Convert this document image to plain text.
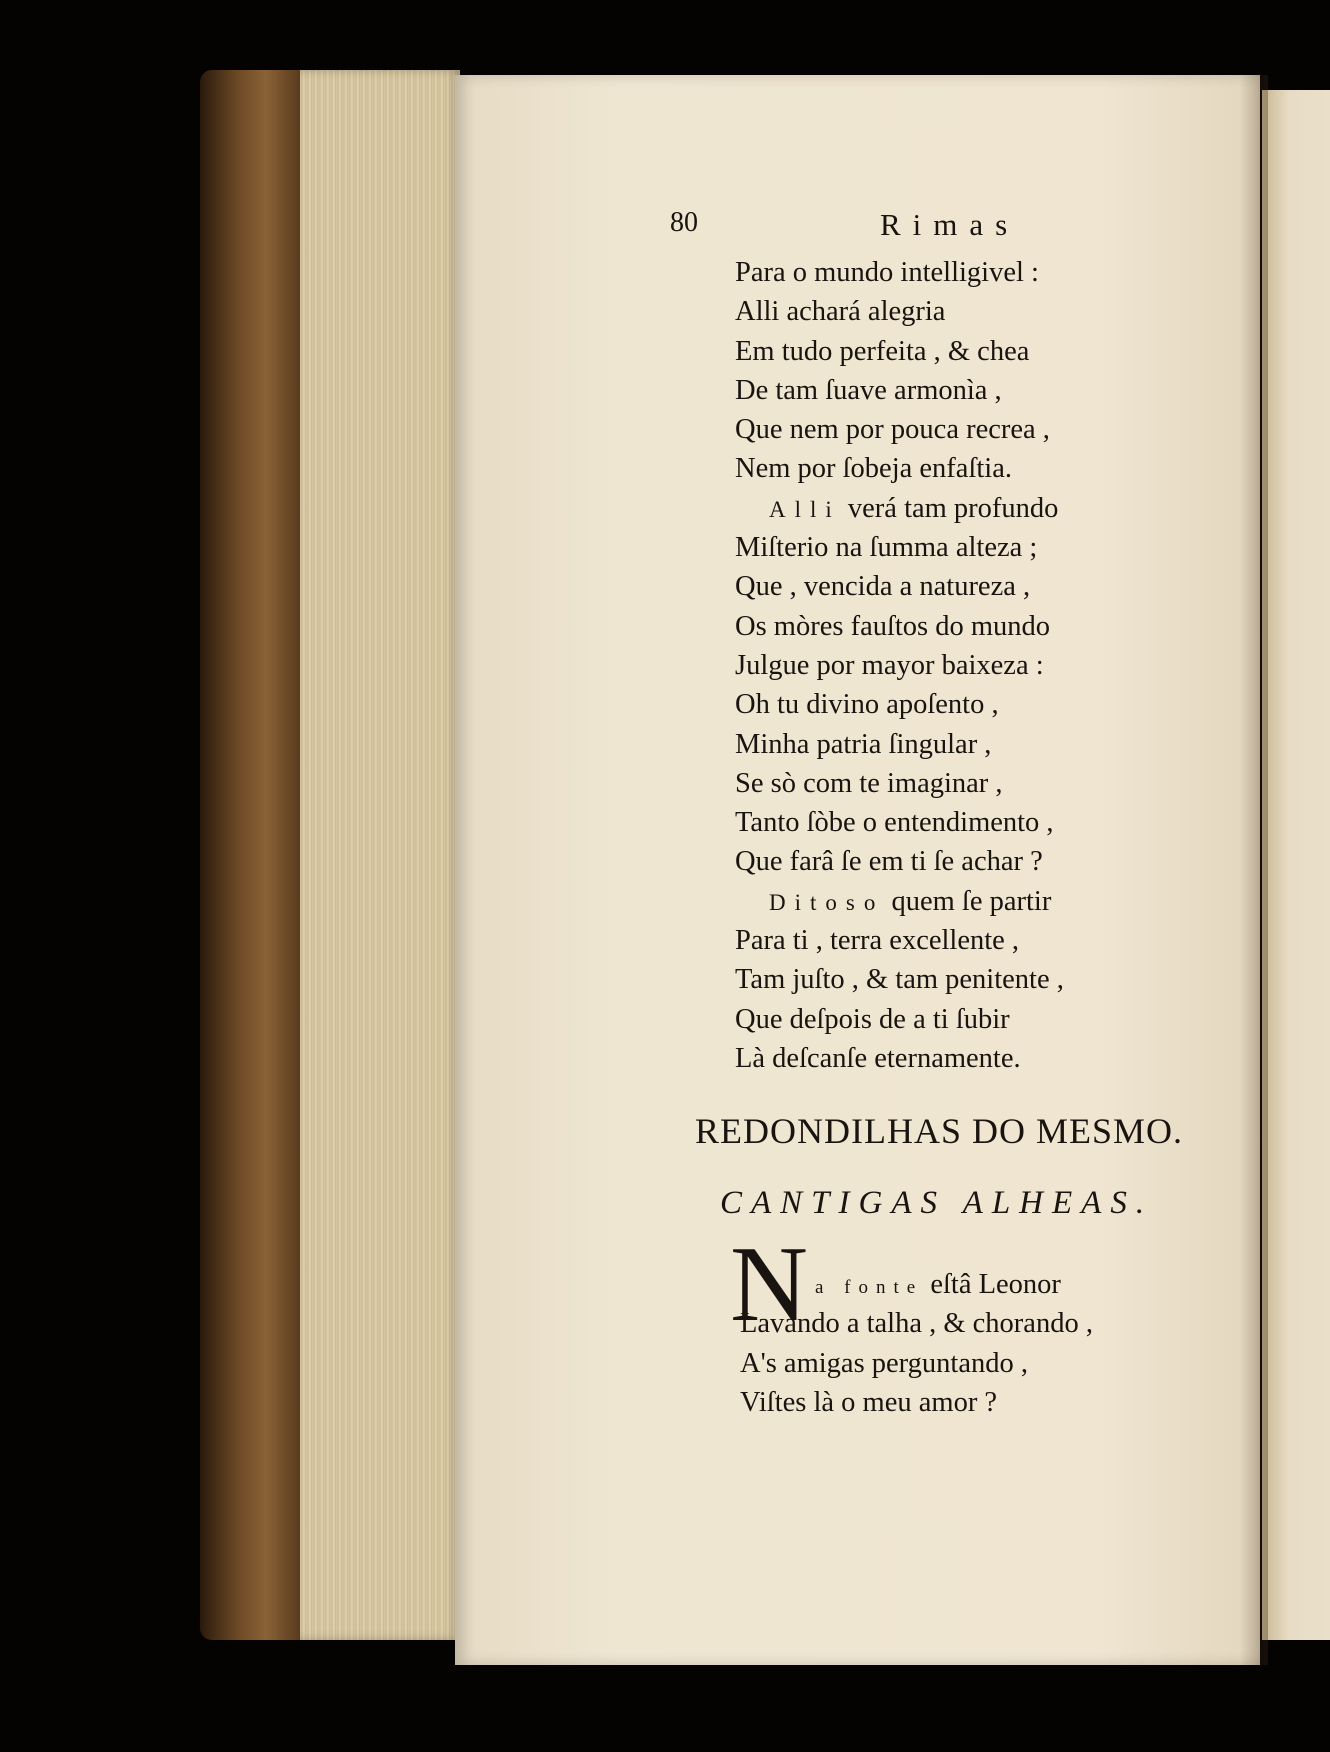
80	Rimas
Para o mundo intelligivel :
Alli achará alegria
Em tudo perfeita , & chea
De tam ſuave armonìa ,
Que nem por pouca recrea ,
Nem por ſobeja enfaſtia.
Alli verá tam profundo
Miſterio na ſumma alteza ;
Que , vencida a natureza ,
Os mòres fauſtos do mundo
Julgue por mayor baixeza :
Oh tu divino apoſento ,
Minha patria ſingular ,
Se sò com te imaginar ,
Tanto ſòbe o entendimento ,
Que farâ ſe em ti ſe achar ?
Ditoso quem ſe partir
Para ti , terra excellente ,
Tam juſto , & tam penitente ,
Que deſpois de a ti ſubir
Là deſcanſe eternamente.
REDONDILHAS DO MESMO.
CANTIGAS ALHEAS.
N a fonte eſtâ Leonor
Lavando a talha , & chorando ,
A's amigas perguntando ,
Viſtes là o meu amor ?
